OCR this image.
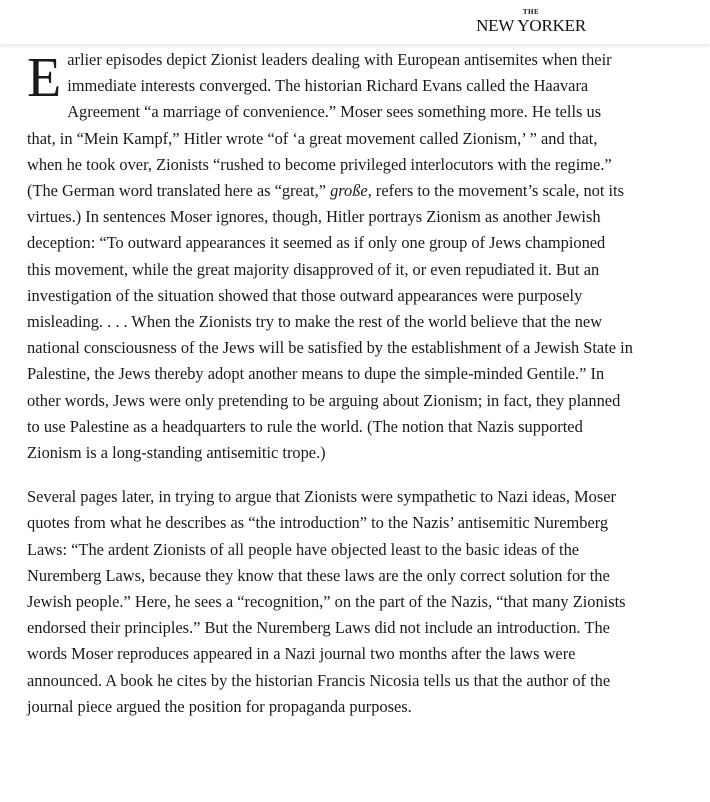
THE
NEW YORKER

Earlier episodes depict Zionist leaders dealing with European antisemites when their immediate interests converged. The historian Richard Evans called the Haavara Agreement “a marriage of convenience.” Moser sees something more. He tells us that, in “Mein Kampf,” Hitler wrote “of ‘a great movement called Zionism,’ ” and that, when he took over, Zionists “rushed to become privileged interlocutors with the regime.” (The German word translated here as “great,” große, refers to the movement’s scale, not its virtues.) In sentences Moser ignores, though, Hitler portrays Zionism as another Jewish deception: “To outward appearances it seemed as if only one group of Jews championed this movement, while the great majority disapproved of it, or even repudiated it. But an investigation of the situation showed that those outward appearances were purposely misleading. . . . When the Zionists try to make the rest of the world believe that the new national consciousness of the Jews will be satisfied by the establishment of a Jewish State in Palestine, the Jews thereby adopt another means to dupe the simple-minded Gentile.” In other words, Jews were only pretending to be arguing about Zionism; in fact, they planned to use Palestine as a headquarters to rule the world. (The notion that Nazis supported Zionism is a long-standing antisemitic trope.)

Several pages later, in trying to argue that Zionists were sympathetic to Nazi ideas, Moser quotes from what he describes as “the introduction” to the Nazis’ antisemitic Nuremberg Laws: “The ardent Zionists of all people have objected least to the basic ideas of the Nuremberg Laws, because they know that these laws are the only correct solution for the Jewish people.” Here, he sees a “recognition,” on the part of the Nazis, “that many Zionists endorsed their principles.” But the Nuremberg Laws did not include an introduction. The words Moser reproduces appeared in a Nazi journal two months after the laws were announced. A book he cites by the historian Francis Nicosia tells us that the author of the journal piece argued the position for propaganda purposes.
